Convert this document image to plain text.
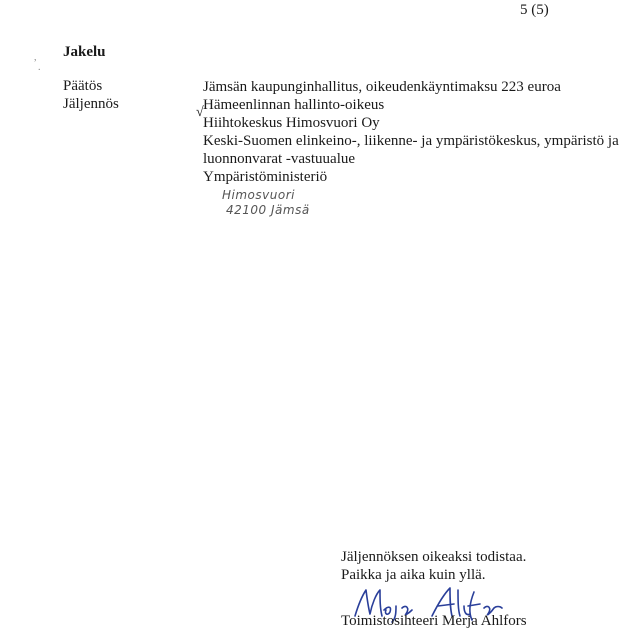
,
.
5 (5)
Jakelu
Päätös
Jäljennös
Jämsän kaupunginhallitus, oikeudenkäyntimaksu 223 euroa
Hämeenlinnan hallinto-oikeus
√
Hiihtokeskus Himosvuori Oy
Keski-Suomen elinkeino-, liikenne- ja ympäristökeskus, ympäristö ja
luonnonvarat -vastuualue
Ympäristöministeriö
Himosvuori
42100 Jämsä
Jäljennöksen oikeaksi todistaa.
Paikka ja aika kuin yllä.
Toimistosihteeri Merja Ahlfors
